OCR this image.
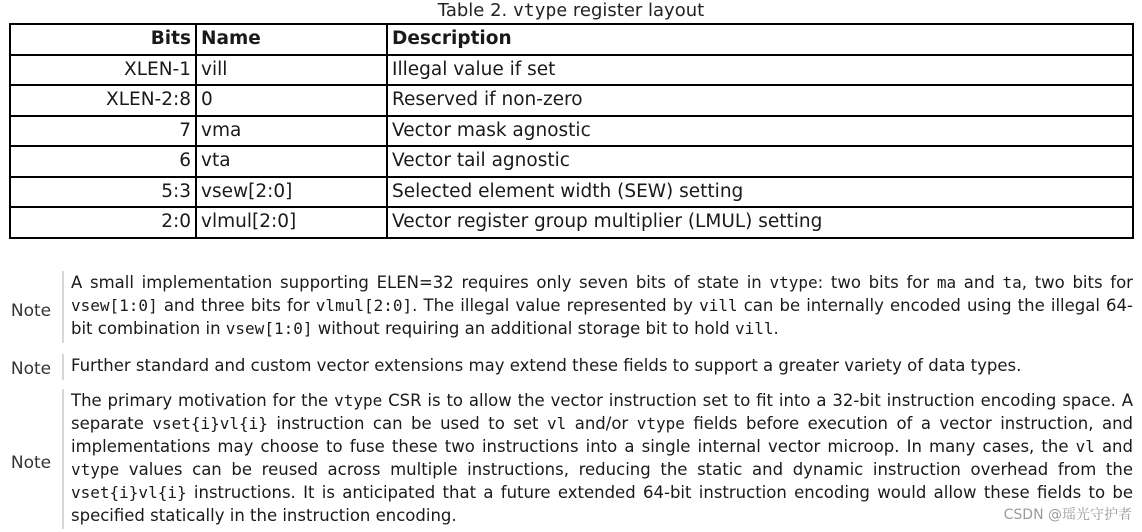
Table 2. vtype register layout
Bits	Name	Description
XLEN-1	vill	Illegal value if set
XLEN-2:8	0	Reserved if non-zero
7	vma	Vector mask agnostic
6	vta	Vector tail agnostic
5:3	vsew[2:0]	Selected element width (SEW) setting
2:0	vlmul[2:0]	Vector register group multiplier (LMUL) setting
Note
A small implementation supporting ELEN=32 requires only seven bits of state in vtype: two bits for ma and ta, two bits for vsew[1:0] and three bits for vlmul[2:0]. The illegal value represented by vill can be internally encoded using the illegal 64-bit combination in vsew[1:0] without requiring an additional storage bit to hold vill.
Note	Further standard and custom vector extensions may extend these fields to support a greater variety of data types.
Note
The primary motivation for the vtype CSR is to allow the vector instruction set to fit into a 32-bit instruction encoding space. A separate vset{i}vl{i} instruction can be used to set vl and/or vtype fields before execution of a vector instruction, and implementations may choose to fuse these two instructions into a single internal vector microop. In many cases, the vl and vtype values can be reused across multiple instructions, reducing the static and dynamic instruction overhead from the vset{i}vl{i} instructions. It is anticipated that a future extended 64-bit instruction encoding would allow these fields to be specified statically in the instruction encoding.	CSDN @瑶光守护者
